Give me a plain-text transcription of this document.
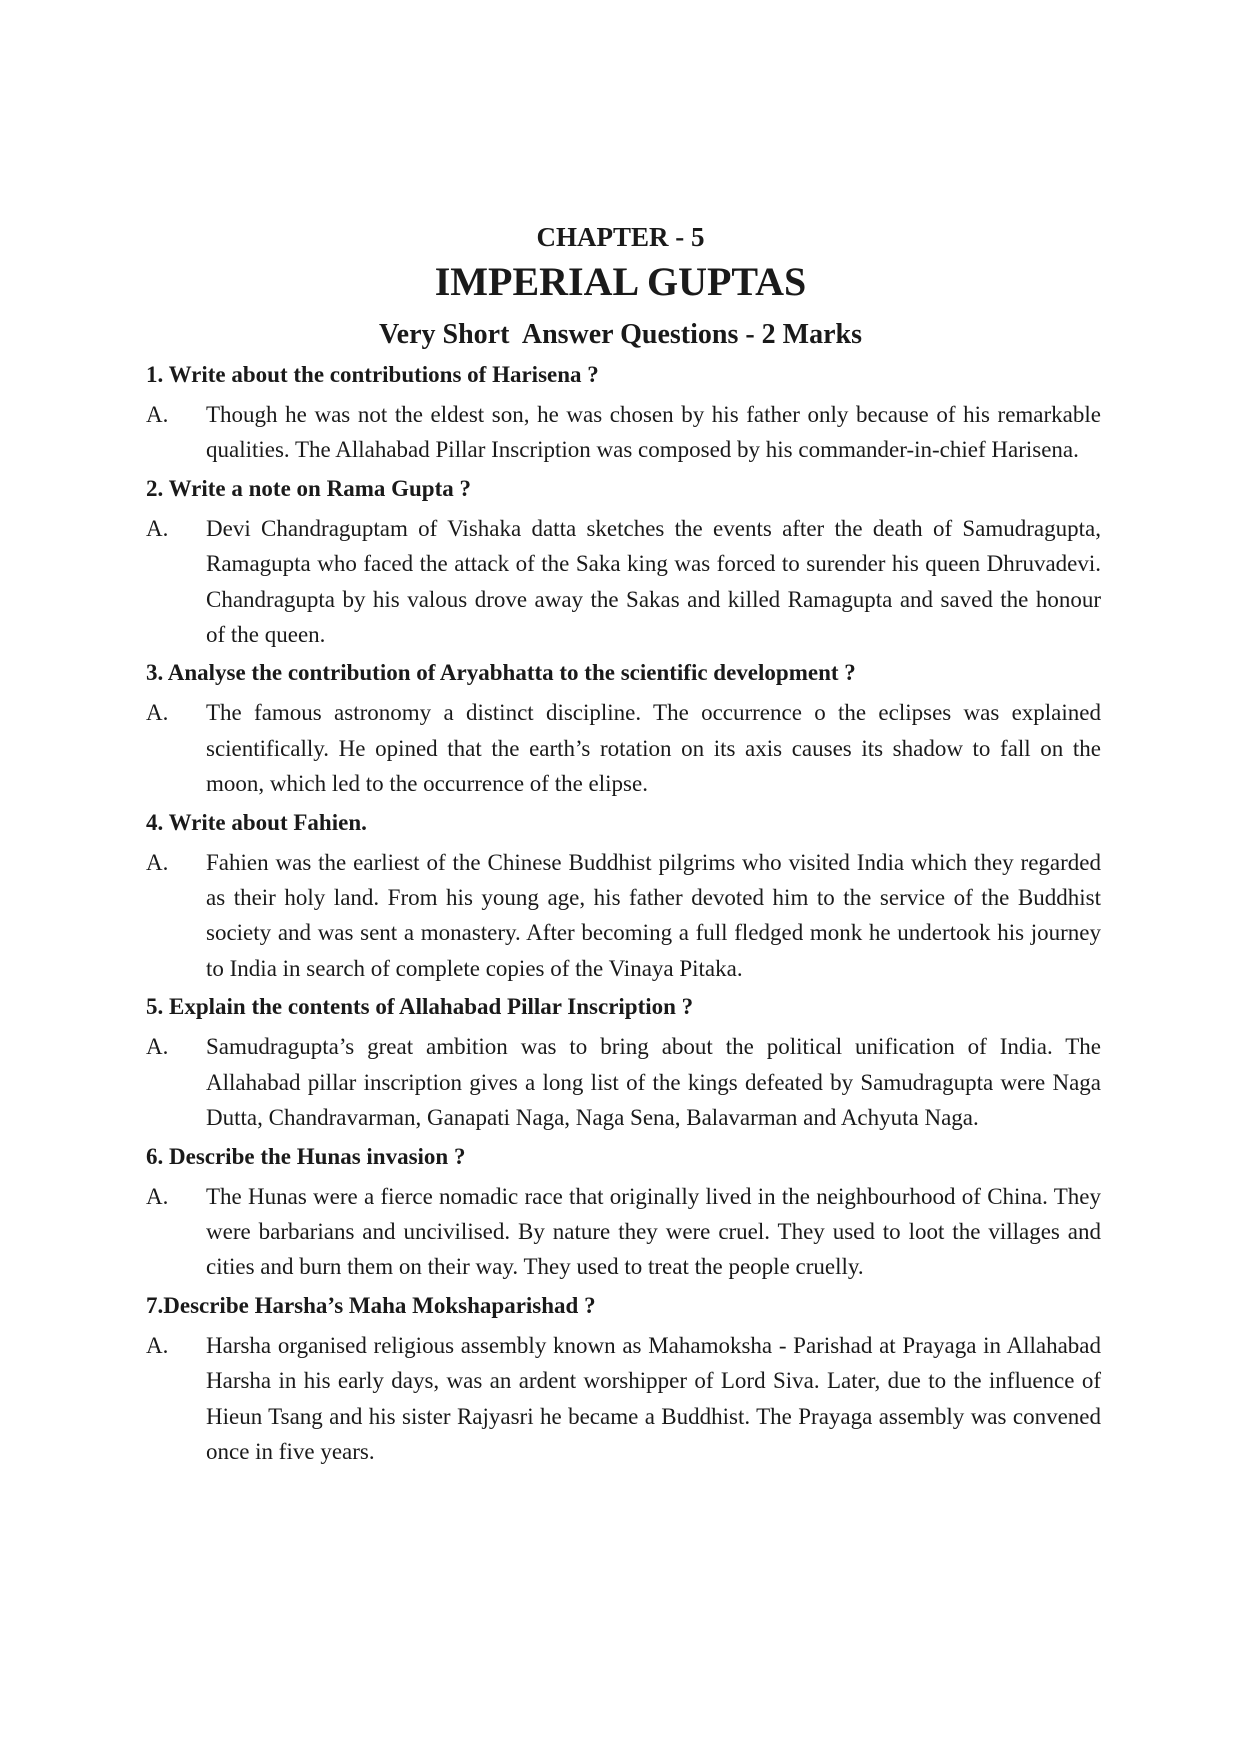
CHAPTER - 5
IMPERIAL GUPTAS
Very Short  Answer Questions - 2 Marks
1. Write about the contributions of Harisena ?
A.	Though he was not the eldest son, he was chosen by his father only because of his remarkable qualities. The Allahabad Pillar Inscription was composed by his commander-in-chief Harisena.
2. Write a note on Rama Gupta ?
A.	Devi Chandraguptam of Vishaka datta sketches the events after the death of Samudragupta, Ramagupta who faced the attack of the Saka king was forced to surender his queen Dhruvadevi. Chandragupta by his valous drove away the Sakas and killed Ramagupta and saved the honour of the queen.
3. Analyse the contribution of Aryabhatta to the scientific development ?
A.	The famous astronomy a distinct discipline. The occurrence o the eclipses was explained scientifically. He opined that the earth’s rotation on its axis causes its shadow to fall on the moon, which led to the occurrence of the elipse.
4. Write about Fahien.
A.	Fahien was the earliest of the Chinese Buddhist pilgrims who visited India which they regarded as their holy land. From his young age, his father devoted him to the service of the Buddhist society and was sent a monastery. After becoming a full fledged monk he undertook his journey to India in search of complete copies of the Vinaya Pitaka.
5. Explain the contents of Allahabad Pillar Inscription ?
A.	Samudragupta’s great ambition was to bring about the political unification of India. The Allahabad pillar inscription gives a long list of the kings defeated by Samudragupta were Naga Dutta, Chandravarman, Ganapati Naga, Naga Sena, Balavarman and Achyuta Naga.
6. Describe the Hunas invasion ?
A.	The Hunas were a fierce nomadic race that originally lived in the neighbourhood of China. They were barbarians and uncivilised. By nature they were cruel. They used to loot the villages and cities and burn them on their way. They used to treat the people cruelly.
7.Describe Harsha’s Maha Mokshaparishad ?
A.	Harsha organised religious assembly known as Mahamoksha - Parishad at Prayaga in Allahabad Harsha in his early days, was an ardent worshipper of Lord Siva. Later, due to the influence of Hieun Tsang and his sister Rajyasri he became a Buddhist. The Prayaga assembly was convened once in five years.
